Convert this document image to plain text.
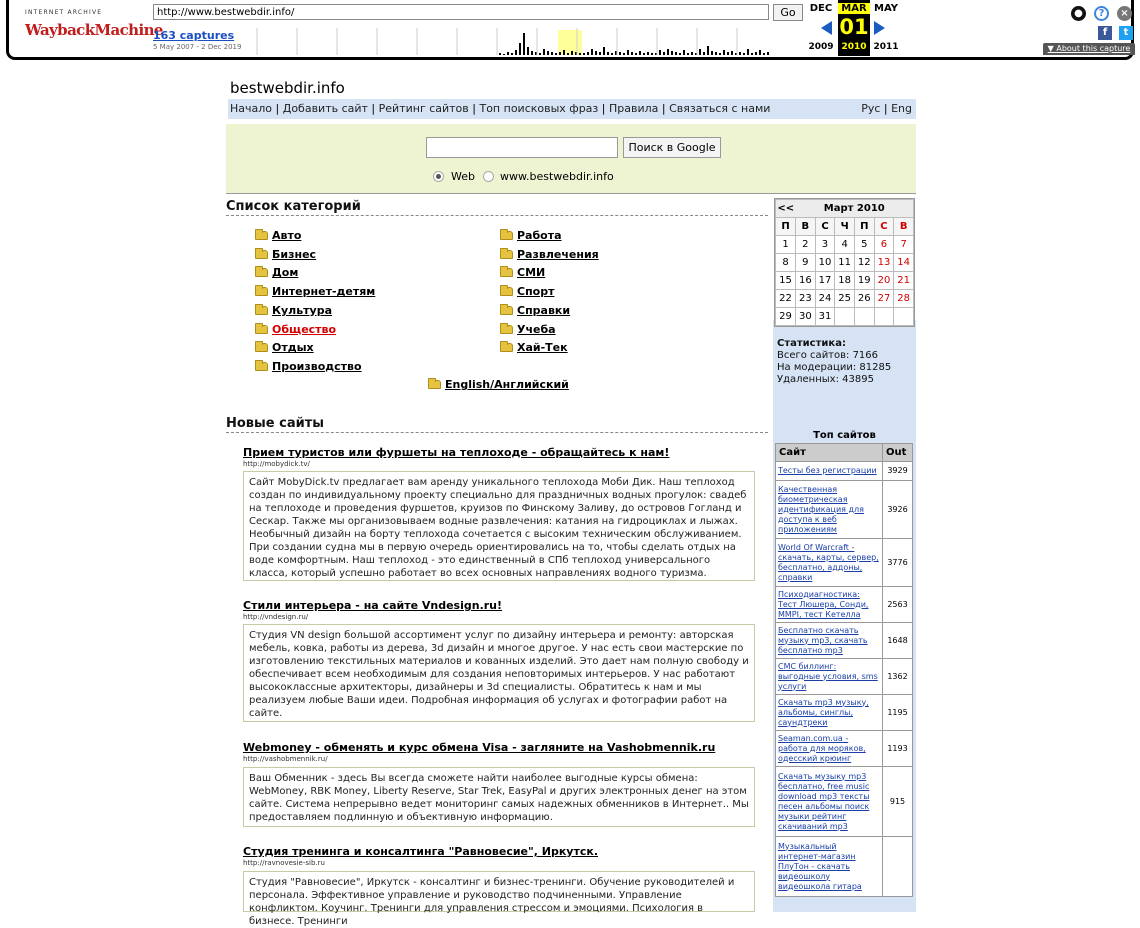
INTERNET ARCHIVE
WaybackMachine
http://www.bestwebdir.info/
Go
163 captures
5 May 2007 - 2 Dec 2019
DEC	MAY
2009	2011
MAR
01
2010
●	?	×
f	t
▼ About this capture
bestwebdir.info
Начало | Добавить сайт | Рейтинг сайтов | Топ поисковых фраз | Правила | Связаться с нами	Рус | Eng
Поиск в Google
Web www.bestwebdir.info
Список категорий
Авто
Бизнес
Дом
Интернет-детям
Культура
Общество
Отдых
Производство
Работа
Развлечения
СМИ
Спорт
Справки
Учеба
Хай-Тек
English/Английский
Новые сайты
Прием туристов или фуршеты на теплоходе - обращайтесь к нам!
http://mobydick.tv/
Сайт MobyDick.tv предлагает вам аренду уникального теплохода Моби Дик. Наш теплоход создан по индивидуальному проекту специально для праздничных водных прогулок: свадеб на теплоходе и проведения фуршетов, круизов по Финскому Заливу, до островов Гогланд и Сескар. Также мы организовываем водные развлечения: катания на гидроциклах и лыжах. Необычный дизайн на борту теплохода сочетается с высоким техническим обслуживанием. При создании судна мы в первую очередь ориентировались на то, чтобы сделать отдых на воде комфортным. Наш теплоход - это единственный в СПб теплоход универсального класса, который успешно работает во всех основных направлениях водного туризма.
Стили интерьера - на сайте Vndesign.ru!
http://vndesign.ru/
Студия VN design большой ассортимент услуг по дизайну интерьера и ремонту: авторская мебель, ковка, работы из дерева, 3d дизайн и многое другое. У нас есть свои мастерские по изготовлению текстильных материалов и кованных изделий. Это дает нам полную свободу и обеспечивает всем необходимым для создания неповторимых интерьеров. У нас работают высококлассные архитекторы, дизайнеры и 3d специалисты. Обратитесь к нам и мы реализуем любые Ваши идеи. Подробная информация об услугах и фотографии работ на сайте.
Webmoney - обменять и курс обмена Visa - загляните на Vashobmennik.ru
http://vashobmennik.ru/
Ваш Обменник - здесь Вы всегда сможете найти наиболее выгодные курсы обмена: WebMoney, RBK Money, Liberty Reserve, Star Trek, EasyPal и других электронных денег на этом сайте. Система непрерывно ведет мониторинг самых надежных обменников в Интернет.. Мы предоставляем подлинную и объективную информацию.
Студия тренинга и консалтинга "Равновесие", Иркутск.
http://ravnovesie-sib.ru
Студия "Равновесие", Иркутск - консалтинг и бизнес-тренинги. Обучение руководителей и персонала. Эффективное управление и руководство подчиненными. Управление конфликтом. Коучинг. Тренинги для управления стрессом и эмоциями. Психология в бизнесе. Тренинги
<<	Март 2010					
П	В	С	Ч	П	С	В
1	2	3	4	5	6	7
8	9	10	11	12	13	14
15	16	17	18	19	20	21
22	23	24	25	26	27	28
29	30	31				
Статистика:
Всего сайтов: 7166
На модерации: 81285
Удаленных: 43895
Топ сайтов
Сайт	Out
Тесты без регистрации	3929
Качественная биометрическая идентификация для доступа к веб приложениям	3926
World Of Warcraft - скачать, карты, сервер, бесплатно, аддоны, справки	3776
Психодиагностика: Тест Люшера, Сонди, MMPI, тест Кетелла	2563
Бесплатно скачать музыку mp3, скачать бесплатно mp3	1648
СМС биллинг: выгодные условия, sms услуги	1362
Скачать mp3 музыку, альбомы, синглы, саундтреки	1195
Seaman.com.ua - работа для моряков, одесский крюинг	1193
Скачать музыку mp3 бесплатно, free music download mp3 тексты песен альбомы поиск музыки рейтинг скачиваний mp3	915
Музыкальный интернет-магазин ПлуТон - скачать видеошколу видеошкола гитара	
